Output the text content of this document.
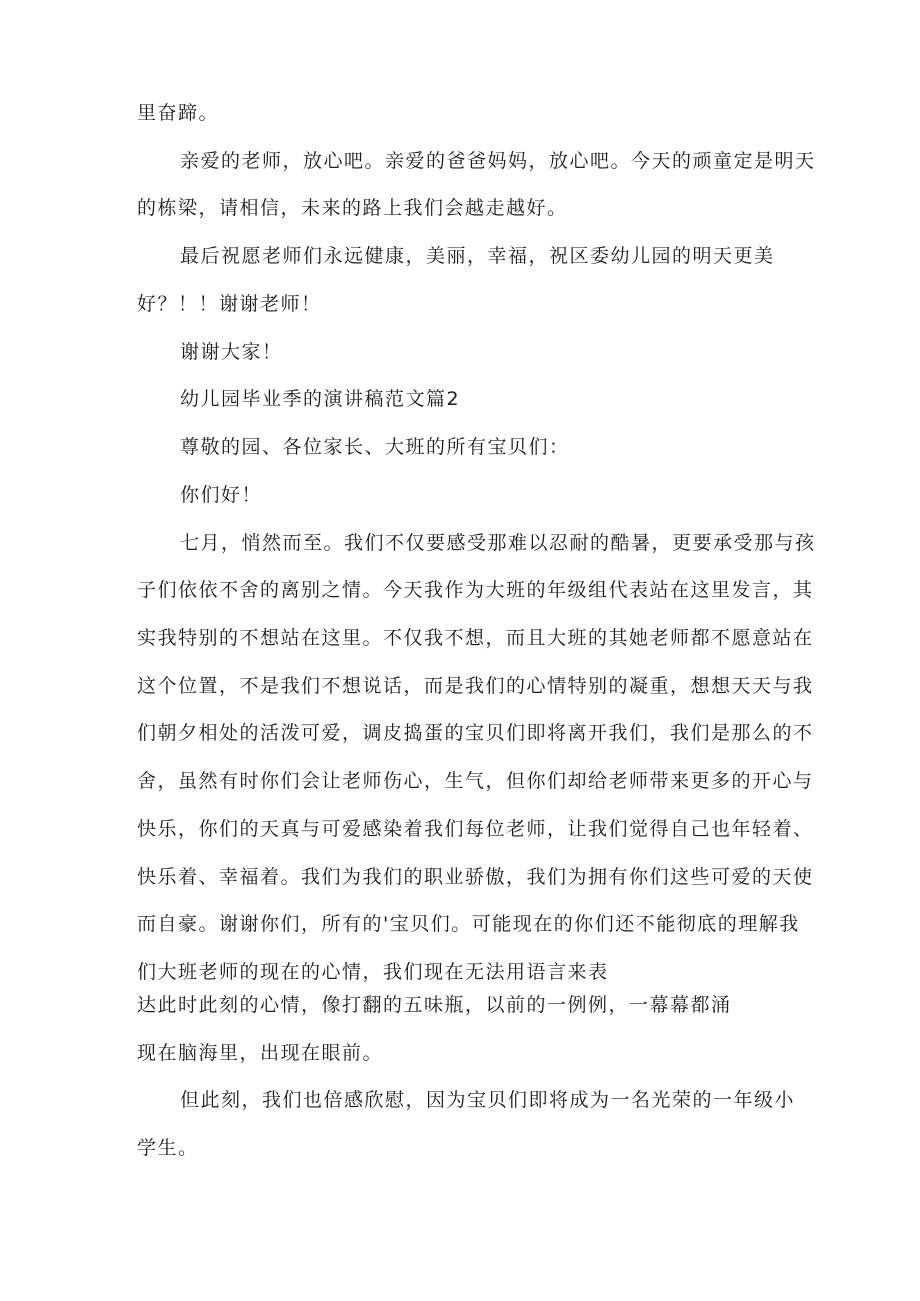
里奋蹄。

亲爱的老师，放心吧。亲爱的爸爸妈妈，放心吧。今天的顽童定是明天

的栋梁，请相信，未来的路上我们会越走越好。

最后祝愿老师们永远健康，美丽，幸福，祝区委幼儿园的明天更美

好？！！谢谢老师！

谢谢大家！

幼儿园毕业季的演讲稿范文篇2

尊敬的园、各位家长、大班的所有宝贝们：

你们好！

七月，悄然而至。我们不仅要感受那难以忍耐的酷暑，更要承受那与孩

子们依依不舍的离别之情。今天我作为大班的年级组代表站在这里发言，其

实我特别的不想站在这里。不仅我不想，而且大班的其她老师都不愿意站在

这个位置，不是我们不想说话，而是我们的心情特别的凝重，想想天天与我

们朝夕相处的活泼可爱，调皮捣蛋的宝贝们即将离开我们，我们是那么的不

舍，虽然有时你们会让老师伤心，生气，但你们却给老师带来更多的开心与

快乐，你们的天真与可爱感染着我们每位老师，让我们觉得自己也年轻着、

快乐着、幸福着。我们为我们的职业骄傲，我们为拥有你们这些可爱的天使

而自豪。谢谢你们，所有的'宝贝们。可能现在的你们还不能彻底的理解我

们大班老师的现在的心情，我们现在无法用语言来表

达此时此刻的心情，像打翻的五味瓶，以前的一例例，一幕幕都涌

现在脑海里，出现在眼前。

但此刻，我们也倍感欣慰，因为宝贝们即将成为一名光荣的一年级小

学生。
